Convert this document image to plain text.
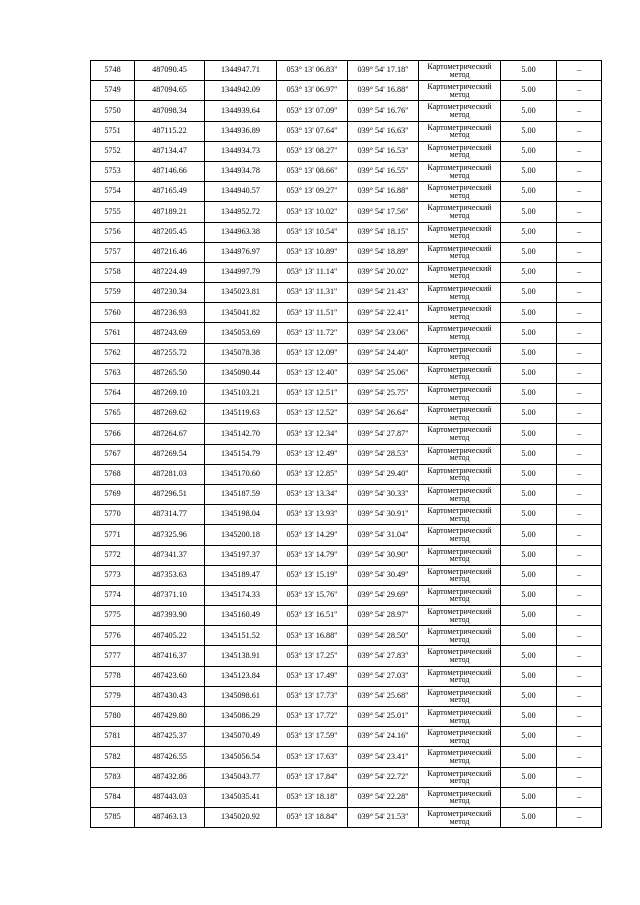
5748	487090.45	1344947.71	053° 13' 06.83"	039° 54' 17.18"	Картометрический метод	5.00	–
5749	487094.65	1344942.09	053° 13' 06.97"	039° 54' 16.88"	Картометрический метод	5.00	–
5750	487098.34	1344939.64	053° 13' 07.09"	039° 54' 16.76"	Картометрический метод	5.00	–
5751	487115.22	1344936.89	053° 13' 07.64"	039° 54' 16.63"	Картометрический метод	5.00	–
5752	487134.47	1344934.73	053° 13' 08.27"	039° 54' 16.53"	Картометрический метод	5.00	–
5753	487146.66	1344934.78	053° 13' 08.66"	039° 54' 16.55"	Картометрический метод	5.00	–
5754	487165.49	1344940.57	053° 13' 09.27"	039° 54' 16.88"	Картометрический метод	5.00	–
5755	487189.21	1344952.72	053° 13' 10.02"	039° 54' 17.56"	Картометрический метод	5.00	–
5756	487205.45	1344963.38	053° 13' 10.54"	039° 54' 18.15"	Картометрический метод	5.00	–
5757	487216.46	1344976.97	053° 13' 10.89"	039° 54' 18.89"	Картометрический метод	5.00	–
5758	487224.49	1344997.79	053° 13' 11.14"	039° 54' 20.02"	Картометрический метод	5.00	–
5759	487230.34	1345023.81	053° 13' 11.31"	039° 54' 21.43"	Картометрический метод	5.00	–
5760	487236.93	1345041.82	053° 13' 11.51"	039° 54' 22.41"	Картометрический метод	5.00	–
5761	487243.69	1345053.69	053° 13' 11.72"	039° 54' 23.06"	Картометрический метод	5.00	–
5762	487255.72	1345078.38	053° 13' 12.09"	039° 54' 24.40"	Картометрический метод	5.00	–
5763	487265.50	1345090.44	053° 13' 12.40"	039° 54' 25.06"	Картометрический метод	5.00	–
5764	487269.10	1345103.21	053° 13' 12.51"	039° 54' 25.75"	Картометрический метод	5.00	–
5765	487269.62	1345119.63	053° 13' 12.52"	039° 54' 26.64"	Картометрический метод	5.00	–
5766	487264.67	1345142.70	053° 13' 12.34"	039° 54' 27.87"	Картометрический метод	5.00	–
5767	487269.54	1345154.79	053° 13' 12.49"	039° 54' 28.53"	Картометрический метод	5.00	–
5768	487281.03	1345170.60	053° 13' 12.85"	039° 54' 29.40"	Картометрический метод	5.00	–
5769	487296.51	1345187.59	053° 13' 13.34"	039° 54' 30.33"	Картометрический метод	5.00	–
5770	487314.77	1345198.04	053° 13' 13.93"	039° 54' 30.91"	Картометрический метод	5.00	–
5771	487325.96	1345200.18	053° 13' 14.29"	039° 54' 31.04"	Картометрический метод	5.00	–
5772	487341.37	1345197.37	053° 13' 14.79"	039° 54' 30.90"	Картометрический метод	5.00	–
5773	487353.63	1345189.47	053° 13' 15.19"	039° 54' 30.49"	Картометрический метод	5.00	–
5774	487371.10	1345174.33	053° 13' 15.76"	039° 54' 29.69"	Картометрический метод	5.00	–
5775	487393.90	1345160.49	053° 13' 16.51"	039° 54' 28.97"	Картометрический метод	5.00	–
5776	487405.22	1345151.52	053° 13' 16.88"	039° 54' 28.50"	Картометрический метод	5.00	–
5777	487416.37	1345138.91	053° 13' 17.25"	039° 54' 27.83"	Картометрический метод	5.00	–
5778	487423.60	1345123.84	053° 13' 17.49"	039° 54' 27.03"	Картометрический метод	5.00	–
5779	487430.43	1345098.61	053° 13' 17.73"	039° 54' 25.68"	Картометрический метод	5.00	–
5780	487429.80	1345086.29	053° 13' 17.72"	039° 54' 25.01"	Картометрический метод	5.00	–
5781	487425.37	1345070.49	053° 13' 17.59"	039° 54' 24.16"	Картометрический метод	5.00	–
5782	487426.55	1345056.54	053° 13' 17.63"	039° 54' 23.41"	Картометрический метод	5.00	–
5783	487432.86	1345043.77	053° 13' 17.84"	039° 54' 22.72"	Картометрический метод	5.00	–
5784	487443.03	1345035.41	053° 13' 18.18"	039° 54' 22.28"	Картометрический метод	5.00	–
5785	487463.13	1345020.92	053° 13' 18.84"	039° 54' 21.53"	Картометрический метод	5.00	–
